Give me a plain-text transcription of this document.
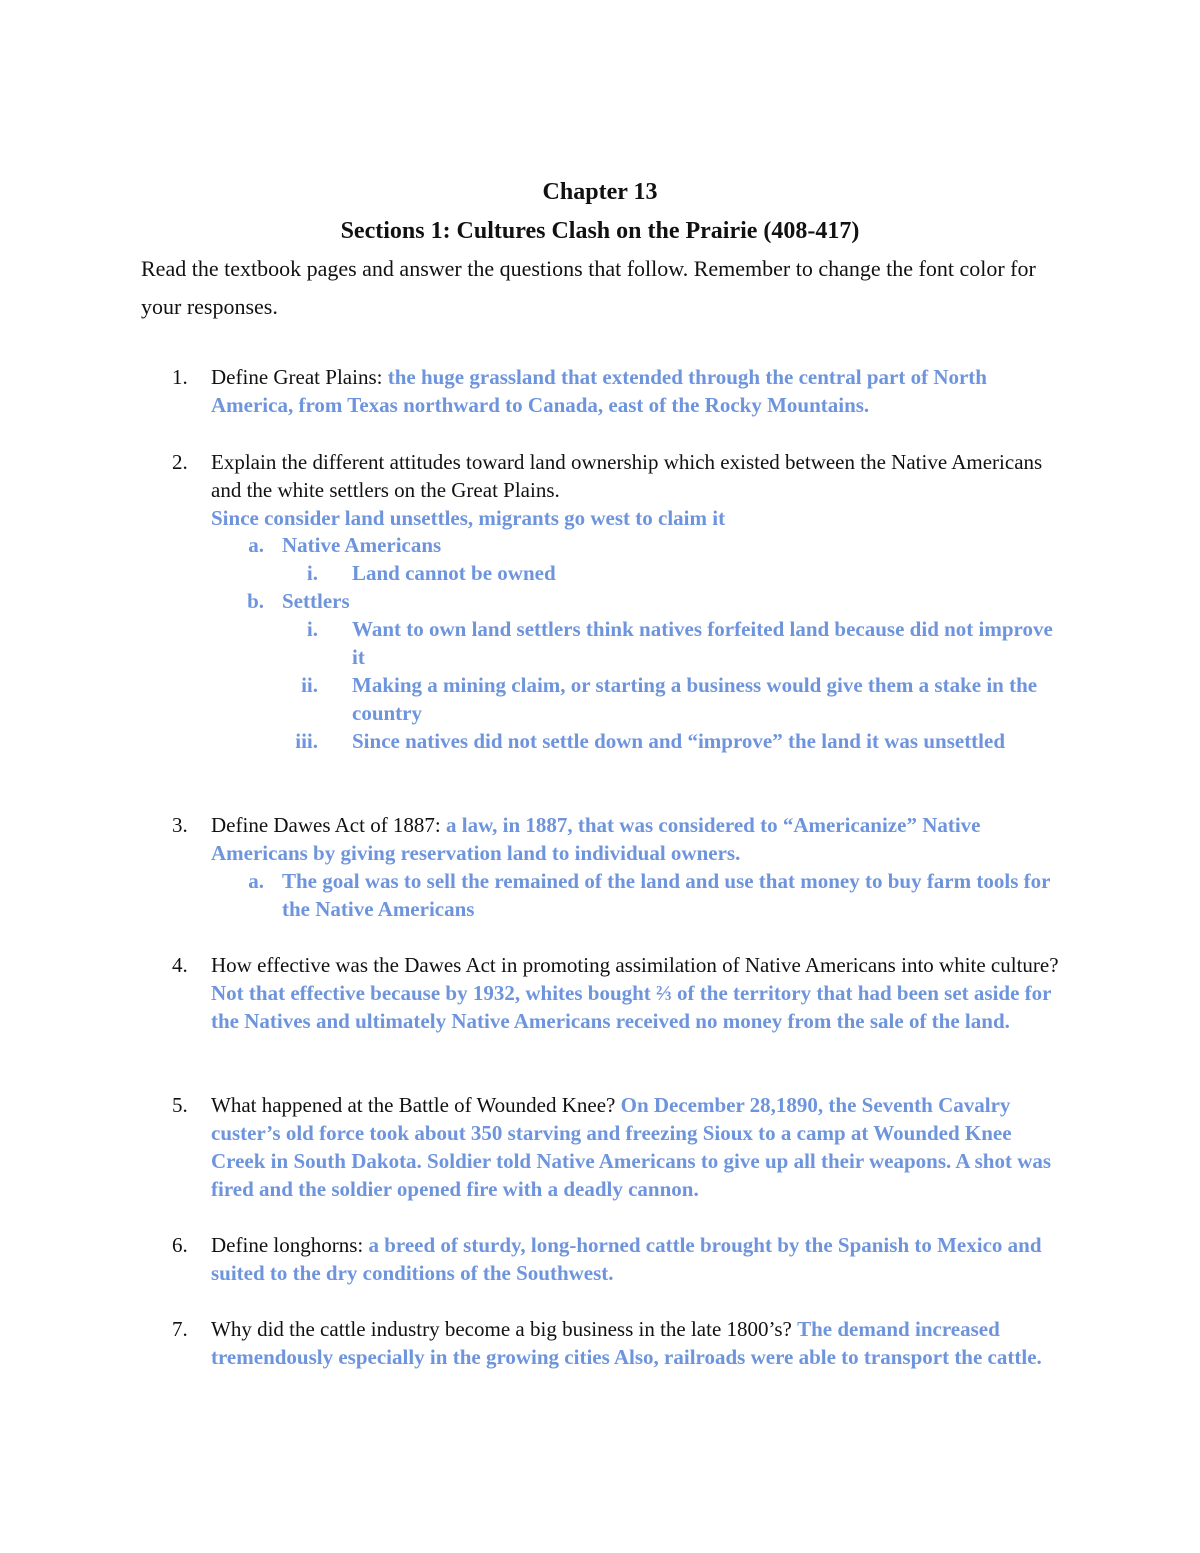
Chapter 13
Sections 1: Cultures Clash on the Prairie (408-417)
Read the textbook pages and answer the questions that follow. Remember to change the font color for your responses.
1.	Define Great Plains: the huge grassland that extended through the central part of North America, from Texas northward to Canada, east of the Rocky Mountains.
2.	Explain the different attitudes toward land ownership which existed between the Native Americans and the white settlers on the Great Plains.
Since consider land unsettles, migrants go west to claim it
a. Native Americans
i. Land cannot be owned
b. Settlers
i. Want to own land settlers think natives forfeited land because did not improve it
ii. Making a mining claim, or starting a business would give them a stake in the country
iii. Since natives did not settle down and “improve” the land it was unsettled
3.	Define Dawes Act of 1887: a law, in 1887, that was considered to “Americanize” Native Americans by giving reservation land to individual owners.
a. The goal was to sell the remained of the land and use that money to buy farm tools for the Native Americans
4.	How effective was the Dawes Act in promoting assimilation of Native Americans into white culture? Not that effective because by 1932, whites bought ⅔ of the territory that had been set aside for the Natives and ultimately Native Americans received no money from the sale of the land.
5.	What happened at the Battle of Wounded Knee? On December 28,1890, the Seventh Cavalry custer’s old force took about 350 starving and freezing Sioux to a camp at Wounded Knee Creek in South Dakota. Soldier told Native Americans to give up all their weapons. A shot was fired and the soldier opened fire with a deadly cannon.
6.	Define longhorns: a breed of sturdy, long-horned cattle brought by the Spanish to Mexico and suited to the dry conditions of the Southwest.
7.	Why did the cattle industry become a big business in the late 1800’s? The demand increased tremendously especially in the growing cities Also, railroads were able to transport the cattle.
